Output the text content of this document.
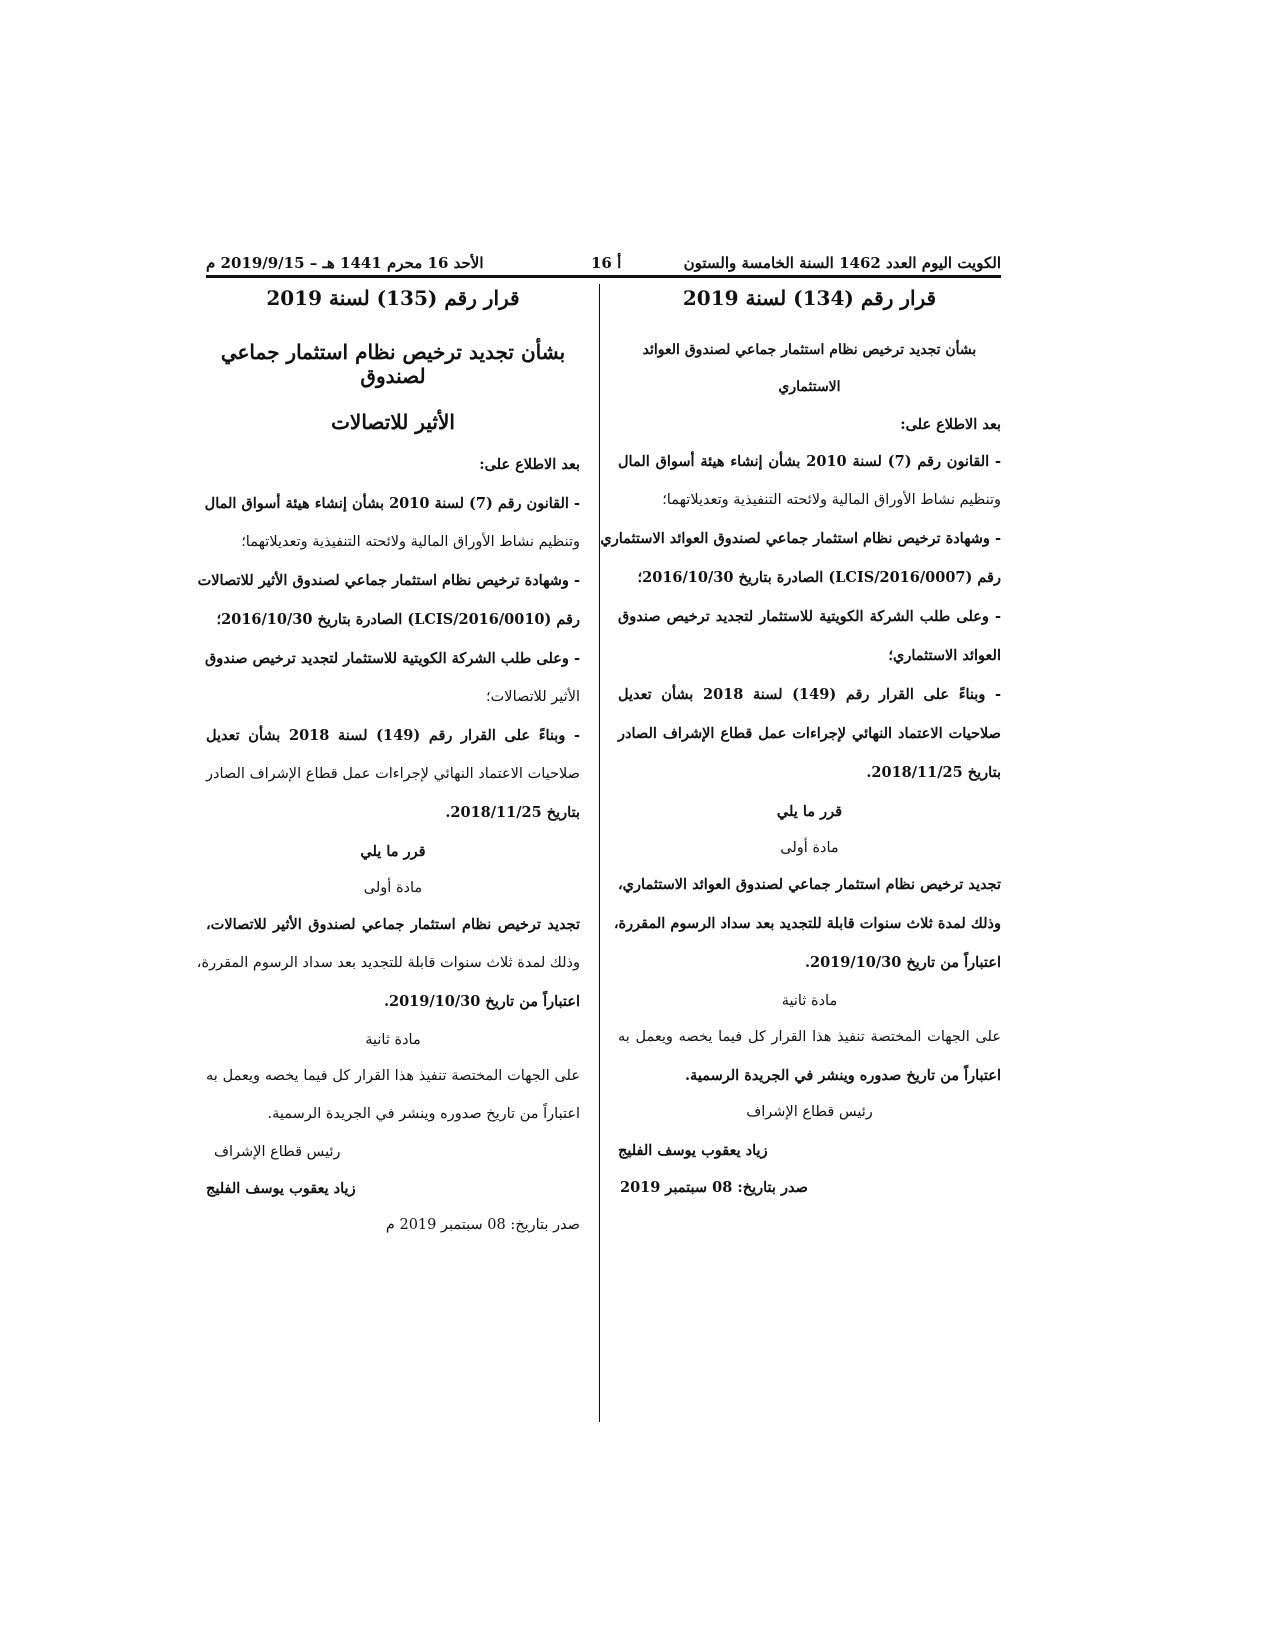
الكويت اليوم العدد 1462 السنة الخامسة والستون
أ 16
الأحد 16 محرم 1441 هـ – 2019/9/15 م

قرار رقم (134) لسنة 2019

بشأن تجديد ترخيص نظام استثمار جماعي لصندوق العوائد

الاستثماري

بعد الاطلاع على:

- القانون رقم (7) لسنة 2010 بشأن إنشاء هيئة أسواق المال

وتنظيم نشاط الأوراق المالية ولائحته التنفيذية وتعديلاتهما؛

- وشهادة ترخيص نظام استثمار جماعي لصندوق العوائد الاستثماري

رقم (LCIS/2016/0007) الصادرة بتاريخ 2016/10/30؛

- وعلى طلب الشركة الكويتية للاستثمار لتجديد ترخيص صندوق

العوائد الاستثماري؛

- وبناءً على القرار رقم (149) لسنة 2018 بشأن تعديل

صلاحيات الاعتماد النهائي لإجراءات عمل قطاع الإشراف الصادر

بتاريخ 2018/11/25.

قرر ما يلي

مادة أولى

تجديد ترخيص نظام استثمار جماعي لصندوق العوائد الاستثماري،

وذلك لمدة ثلاث سنوات قابلة للتجديد بعد سداد الرسوم المقررة،

اعتباراً من تاريخ 2019/10/30.

مادة ثانية

على الجهات المختصة تنفيذ هذا القرار كل فيما يخصه ويعمل به

اعتباراً من تاريخ صدوره وينشر في الجريدة الرسمية.

رئيس قطاع الإشراف

زياد يعقوب يوسف الفليج

صدر بتاريخ: 08 سبتمبر 2019

قرار رقم (135) لسنة 2019

بشأن تجديد ترخيص نظام استثمار جماعي لصندوق

الأثير للاتصالات

بعد الاطلاع على:

- القانون رقم (7) لسنة 2010 بشأن إنشاء هيئة أسواق المال

وتنظيم نشاط الأوراق المالية ولائحته التنفيذية وتعديلاتهما؛

- وشهادة ترخيص نظام استثمار جماعي لصندوق الأثير للاتصالات

رقم (LCIS/2016/0010) الصادرة بتاريخ 2016/10/30؛

- وعلى طلب الشركة الكويتية للاستثمار لتجديد ترخيص صندوق

الأثير للاتصالات؛

- وبناءً على القرار رقم (149) لسنة 2018 بشأن تعديل

صلاحيات الاعتماد النهائي لإجراءات عمل قطاع الإشراف الصادر

بتاريخ 2018/11/25.

قرر ما يلي

مادة أولى

تجديد ترخيص نظام استثمار جماعي لصندوق الأثير للاتصالات،

وذلك لمدة ثلاث سنوات قابلة للتجديد بعد سداد الرسوم المقررة،

اعتباراً من تاريخ 2019/10/30.

مادة ثانية

على الجهات المختصة تنفيذ هذا القرار كل فيما يخصه ويعمل به

اعتباراً من تاريخ صدوره وينشر في الجريدة الرسمية.

رئيس قطاع الإشراف

زياد يعقوب يوسف الفليج

صدر بتاريخ: 08 سبتمبر 2019 م
